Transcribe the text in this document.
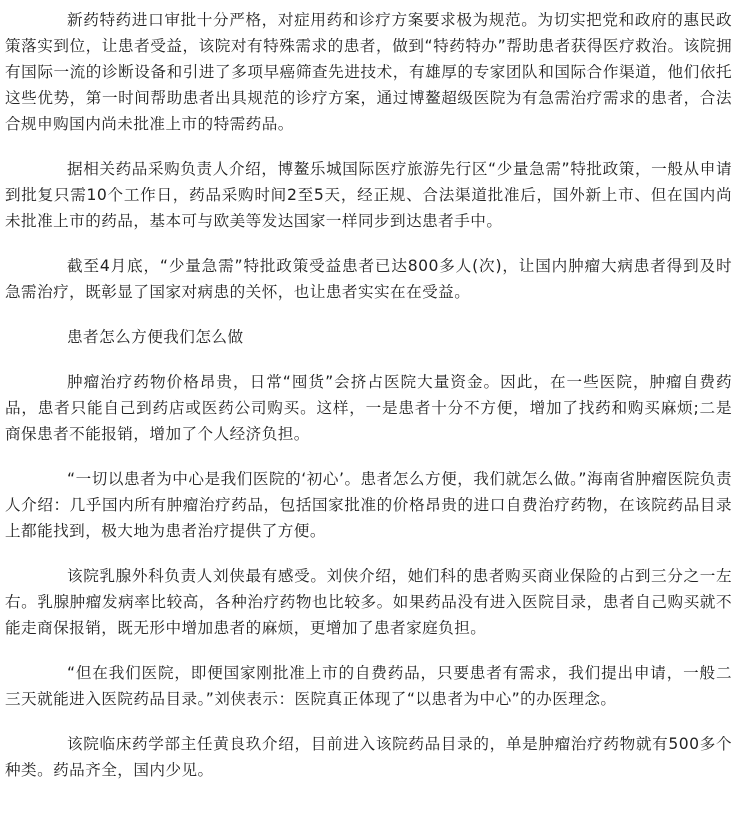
新药特药进口审批十分严格，对症用药和诊疗方案要求极为规范。为切实把党和政府的惠民政策落实到位，让患者受益，该院对有特殊需求的患者，做到“特药特办”帮助患者获得医疗救治。该院拥有国际一流的诊断设备和引进了多项早癌筛查先进技术，有雄厚的专家团队和国际合作渠道，他们依托这些优势，第一时间帮助患者出具规范的诊疗方案，通过博鳌超级医院为有急需治疗需求的患者，合法合规申购国内尚未批准上市的特需药品。

据相关药品采购负责人介绍，博鳌乐城国际医疗旅游先行区“少量急需”特批政策，一般从申请到批复只需10个工作日，药品采购时间2至5天，经正规、合法渠道批准后，国外新上市、但在国内尚未批准上市的药品，基本可与欧美等发达国家一样同步到达患者手中。

截至4月底，“少量急需”特批政策受益患者已达800多人(次)，让国内肿瘤大病患者得到及时急需治疗，既彰显了国家对病患的关怀，也让患者实实在在受益。

患者怎么方便我们怎么做

肿瘤治疗药物价格昂贵，日常“囤货”会挤占医院大量资金。因此，在一些医院，肿瘤自费药品，患者只能自己到药店或医药公司购买。这样，一是患者十分不方便，增加了找药和购买麻烦;二是商保患者不能报销，增加了个人经济负担。

“一切以患者为中心是我们医院的‘初心’。患者怎么方便，我们就怎么做。”海南省肿瘤医院负责人介绍：几乎国内所有肿瘤治疗药品，包括国家批准的价格昂贵的进口自费治疗药物，在该院药品目录上都能找到，极大地为患者治疗提供了方便。

该院乳腺外科负责人刘侠最有感受。刘侠介绍，她们科的患者购买商业保险的占到三分之一左右。乳腺肿瘤发病率比较高，各种治疗药物也比较多。如果药品没有进入医院目录，患者自己购买就不能走商保报销，既无形中增加患者的麻烦，更增加了患者家庭负担。

“但在我们医院，即便国家刚批准上市的自费药品，只要患者有需求，我们提出申请，一般二三天就能进入医院药品目录。”刘侠表示：医院真正体现了“以患者为中心”的办医理念。

该院临床药学部主任黄良玖介绍，目前进入该院药品目录的，单是肿瘤治疗药物就有500多个种类。药品齐全，国内少见。
